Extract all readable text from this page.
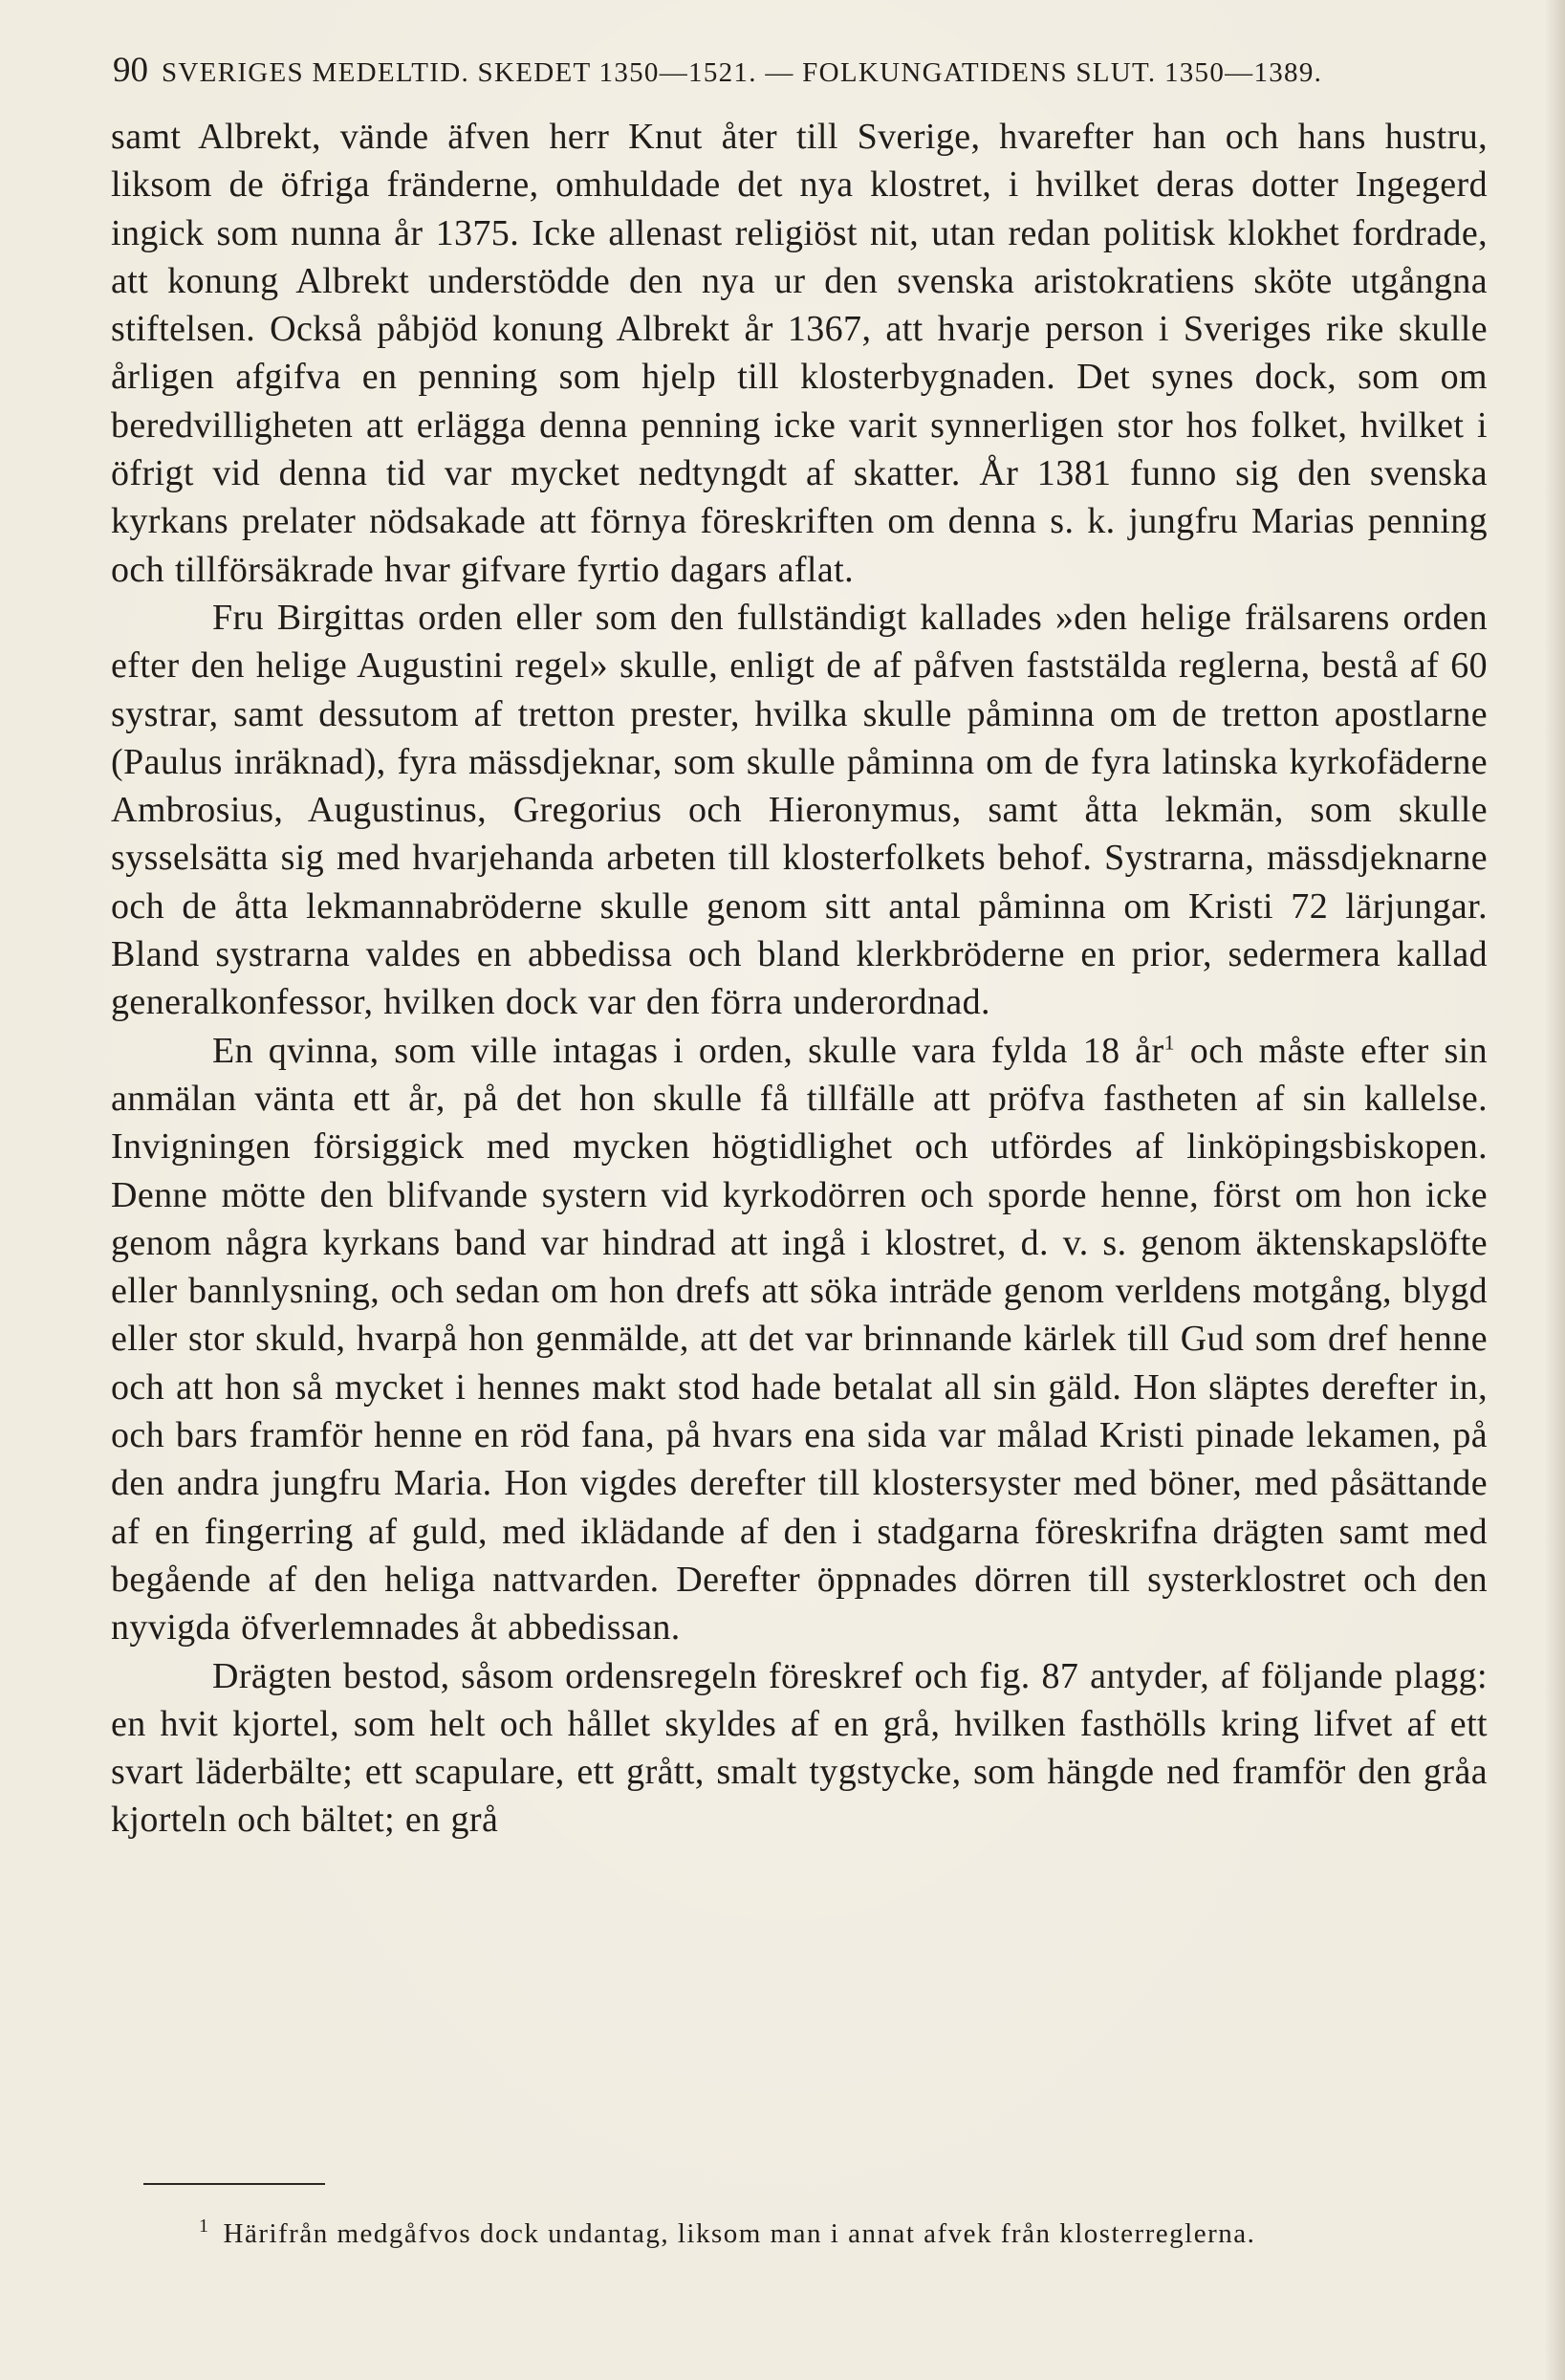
90 SVERIGES MEDELTID. SKEDET 1350—1521. — FOLKUNGATIDENS SLUT. 1350—1389.

samt Albrekt, vände äfven herr Knut åter till Sverige, hvarefter han och hans hustru, liksom de öfriga fränderne, omhuldade det nya klostret, i hvilket deras dotter Ingegerd ingick som nunna år 1375. Icke allenast religiöst nit, utan redan politisk klokhet fordrade, att konung Albrekt understödde den nya ur den svenska aristokratiens sköte utgångna stiftelsen. Också påbjöd konung Albrekt år 1367, att hvarje person i Sveriges rike skulle årligen afgifva en penning som hjelp till klosterbygnaden. Det synes dock, som om beredvilligheten att erlägga denna penning icke varit synnerligen stor hos folket, hvilket i öfrigt vid denna tid var mycket nedtyngdt af skatter. År 1381 funno sig den svenska kyrkans prelater nödsakade att förnya föreskriften om denna s. k. jungfru Marias penning och tillförsäkrade hvar gifvare fyrtio dagars aflat.

Fru Birgittas orden eller som den fullständigt kallades »den helige frälsarens orden efter den helige Augustini regel» skulle, enligt de af påfven faststälda reglerna, bestå af 60 systrar, samt dessutom af tretton prester, hvilka skulle påminna om de tretton apostlarne (Paulus inräknad), fyra mässdjeknar, som skulle påminna om de fyra latinska kyrkofäderne Ambrosius, Augustinus, Gregorius och Hieronymus, samt åtta lekmän, som skulle sysselsätta sig med hvarjehanda arbeten till klosterfolkets behof. Systrarna, mässdjeknarne och de åtta lekmannabröderne skulle genom sitt antal påminna om Kristi 72 lärjungar. Bland systrarna valdes en abbedissa och bland klerkbröderne en prior, sedermera kallad generalkonfessor, hvilken dock var den förra underordnad.

En qvinna, som ville intagas i orden, skulle vara fylda 18 år$^1$ och måste efter sin anmälan vänta ett år, på det hon skulle få tillfälle att pröfva fastheten af sin kallelse. Invigningen försiggick med mycken högtidlighet och utfördes af linköpingsbiskopen. Denne mötte den blifvande systern vid kyrkodörren och sporde henne, först om hon icke genom några kyrkans band var hindrad att ingå i klostret, d. v. s. genom äktenskapslöfte eller bannlysning, och sedan om hon drefs att söka inträde genom verldens motgång, blygd eller stor skuld, hvarpå hon genmälde, att det var brinnande kärlek till Gud som dref henne och att hon så mycket i hennes makt stod hade betalat all sin gäld. Hon släptes derefter in, och bars framför henne en röd fana, på hvars ena sida var målad Kristi pinade lekamen, på den andra jungfru Maria. Hon vigdes derefter till klostersyster med böner, med påsättande af en fingerring af guld, med iklädande af den i stadgarna föreskrifna drägten samt med begående af den heliga nattvarden. Derefter öppnades dörren till systerklostret och den nyvigda öfverlemnades åt abbedissan.

Drägten bestod, såsom ordensregeln föreskref och fig. 87 antyder, af följande plagg: en hvit kjortel, som helt och hållet skyldes af en grå, hvilken fasthölls kring lifvet af ett svart läderbälte; ett scapulare, ett grått, smalt tygstycke, som hängde ned framför den gråa kjorteln och bältet; en grå

$^1$ Härifrån medgåfvos dock undantag, liksom man i annat afvek från klosterreglerna.
